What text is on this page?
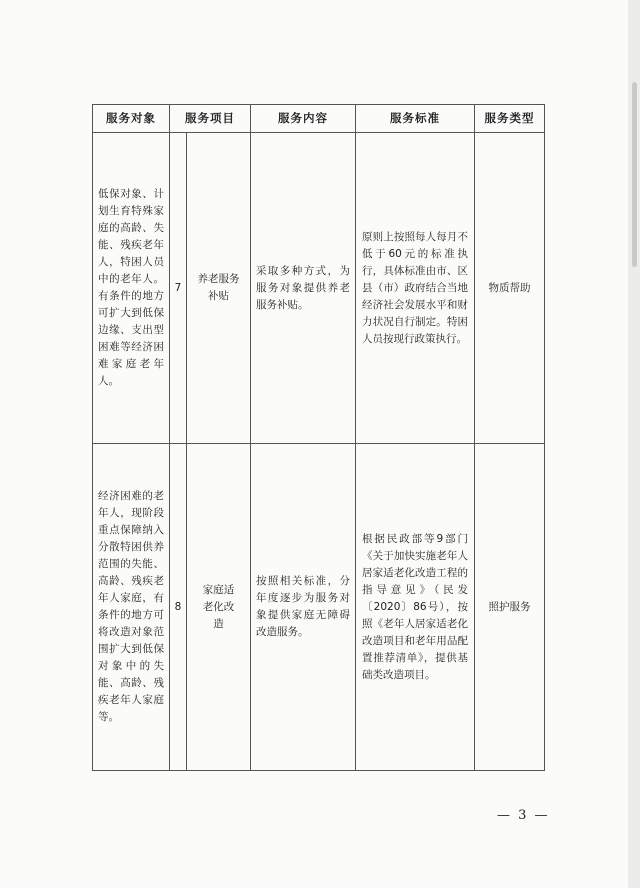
服务对象	服务项目		服务内容	服务标准	服务类型

低保对象、计划生育特殊家庭的高龄、失能、残疾老年人，特困人员中的老年人。有条件的地方可扩大到低保边缘、支出型困难等经济困难家庭老年人。	7	养老服务补贴	采取多种方式，为服务对象提供养老服务补贴。	原则上按照每人每月不低于60元的标准执行，具体标准由市、区县（市）政府结合当地经济社会发展水平和财力状况自行制定。特困人员按现行政策执行。	物质帮助

经济困难的老年人，现阶段重点保障纳入分散特困供养范围的失能、高龄、残疾老年人家庭，有条件的地方可将改造对象范围扩大到低保对象中的失能、高龄、残疾老年人家庭等。	8	家庭适老化改造	按照相关标准，分年度逐步为服务对象提供家庭无障碍改造服务。	根据民政部等9部门《关于加快实施老年人居家适老化改造工程的指导意见》（民发〔2020〕86号），按照《老年人居家适老化改造项目和老年用品配置推荐清单》，提供基础类改造项目。	照护服务
— 3 —
